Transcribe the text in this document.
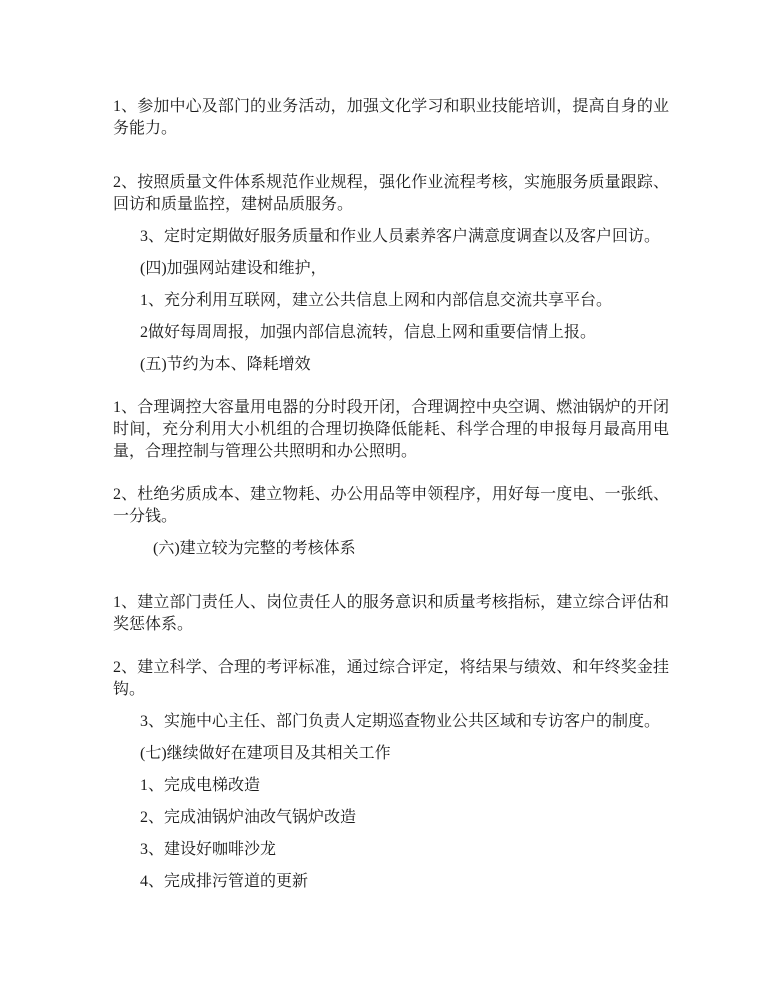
1、参加中心及部门的业务活动，加强文化学习和职业技能培训，提高自身的业务能力。

2、按照质量文件体系规范作业规程，强化作业流程考核，实施服务质量跟踪、回访和质量监控，建树品质服务。

3、定时定期做好服务质量和作业人员素养客户满意度调查以及客户回访。

(四)加强网站建设和维护，

1、充分利用互联网，建立公共信息上网和内部信息交流共享平台。

2做好每周周报，加强内部信息流转，信息上网和重要信情上报。

(五)节约为本、降耗增效

1、合理调控大容量用电器的分时段开闭，合理调控中央空调、燃油锅炉的开闭时间，充分利用大小机组的合理切换降低能耗、科学合理的申报每月最高用电量，合理控制与管理公共照明和办公照明。

2、杜绝劣质成本、建立物耗、办公用品等申领程序，用好每一度电、一张纸、一分钱。

(六)建立较为完整的考核体系

1、建立部门责任人、岗位责任人的服务意识和质量考核指标，建立综合评估和奖惩体系。

2、建立科学、合理的考评标准，通过综合评定，将结果与绩效、和年终奖金挂钩。

3、实施中心主任、部门负责人定期巡查物业公共区域和专访客户的制度。

(七)继续做好在建项目及其相关工作

1、完成电梯改造

2、完成油锅炉油改气锅炉改造

3、建设好咖啡沙龙

4、完成排污管道的更新
